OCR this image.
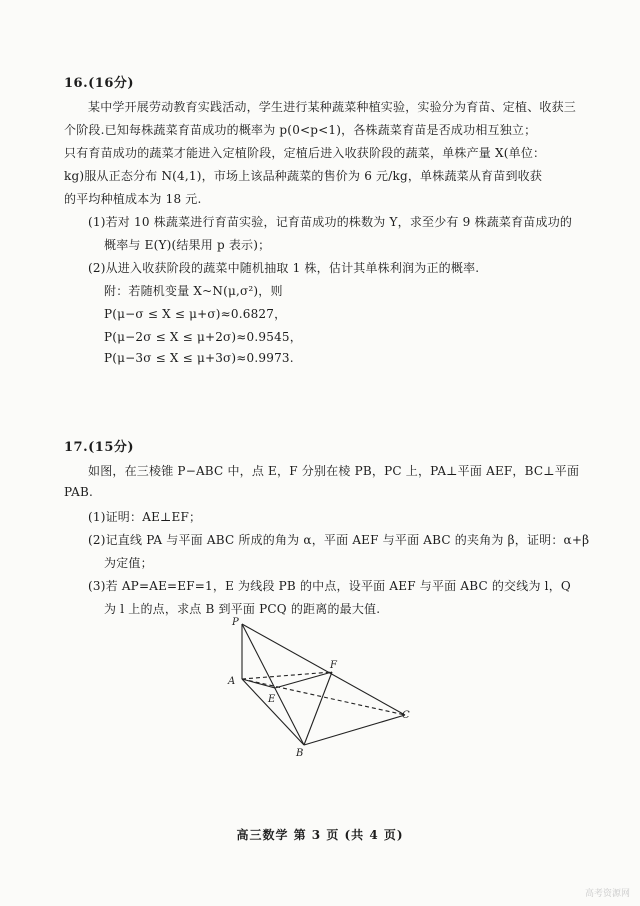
16.(16分)
某中学开展劳动教育实践活动，学生进行某种蔬菜种植实验，实验分为育苗、定植、收获三
个阶段.已知每株蔬菜育苗成功的概率为 p(0<p<1)，各株蔬菜育苗是否成功相互独立；
只有育苗成功的蔬菜才能进入定植阶段，定植后进入收获阶段的蔬菜，单株产量 X(单位：
kg)服从正态分布 N(4,1)，市场上该品种蔬菜的售价为 6 元/kg，单株蔬菜从育苗到收获
的平均种植成本为 18 元.
(1)若对 10 株蔬菜进行育苗实验，记育苗成功的株数为 Y，求至少有 9 株蔬菜育苗成功的
概率与 E(Y)(结果用 p 表示)；
(2)从进入收获阶段的蔬菜中随机抽取 1 株，估计其单株利润为正的概率.
附：若随机变量 X~N(μ,σ²)，则
P(μ−σ ≤ X ≤ μ+σ)≈0.6827，
P(μ−2σ ≤ X ≤ μ+2σ)≈0.9545，
P(μ−3σ ≤ X ≤ μ+3σ)≈0.9973.
17.(15分)
如图，在三棱锥 P−ABC 中，点 E，F 分别在棱 PB，PC 上，PA⊥平面 AEF，BC⊥平面
PAB.
(1)证明：AE⊥EF；
(2)记直线 PA 与平面 ABC 所成的角为 α，平面 AEF 与平面 ABC 的夹角为 β，证明：α+β
为定值；
(3)若 AP=AE=EF=1，E 为线段 PB 的中点，设平面 AEF 与平面 ABC 的交线为 l，Q
为 l 上的点，求点 B 到平面 PCQ 的距离的最大值.
P
A
E
F
B
C
高三数学 第 3 页 (共 4 页)
高考资源网
